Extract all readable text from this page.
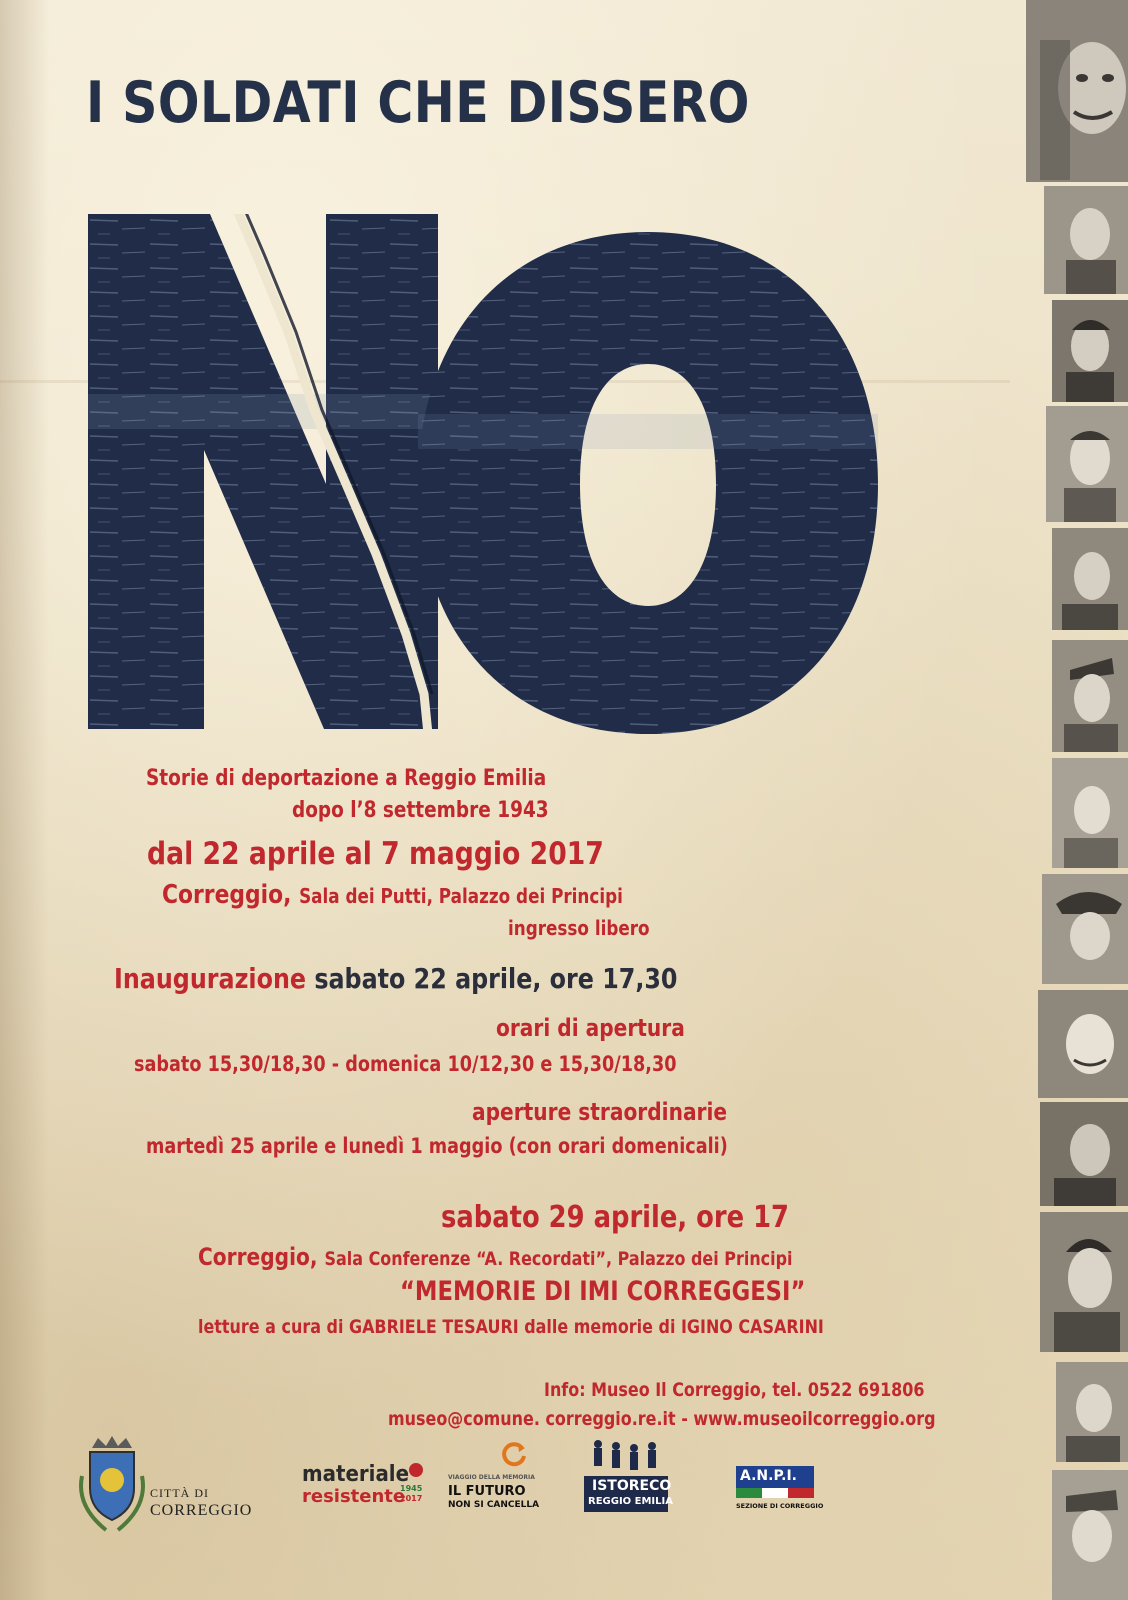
I SOLDATI CHE DISSERO
Storie di deportazione a Reggio Emilia
dopo l’8 settembre 1943
dal 22 aprile al 7 maggio 2017
Correggio, Sala dei Putti, Palazzo dei Principi
ingresso libero
Inaugurazione sabato 22 aprile, ore 17,30
orari di apertura
sabato 15,30/18,30 - domenica 10/12,30 e 15,30/18,30
aperture straordinarie
martedì 25 aprile e lunedì 1 maggio (con orari domenicali)
sabato 29 aprile, ore 17
Correggio, Sala Conferenze “A. Recordati”, Palazzo dei Principi
“MEMORIE DI IMI CORREGGESI”
letture a cura di GABRIELE TESAURI dalle memorie di IGINO CASARINI
Info: Museo Il Correggio, tel. 0522 691806
museo@comune. correggio.re.it - www.museoilcorreggio.org
CITTÀ DI
CORREGGIO
materiale
resistente
1945
2017
VIAGGIO DELLA MEMORIA
IL FUTURO
NON SI CANCELLA
ISTORECO
REGGIO EMILIA
A.N.P.I.
SEZIONE DI CORREGGIO
